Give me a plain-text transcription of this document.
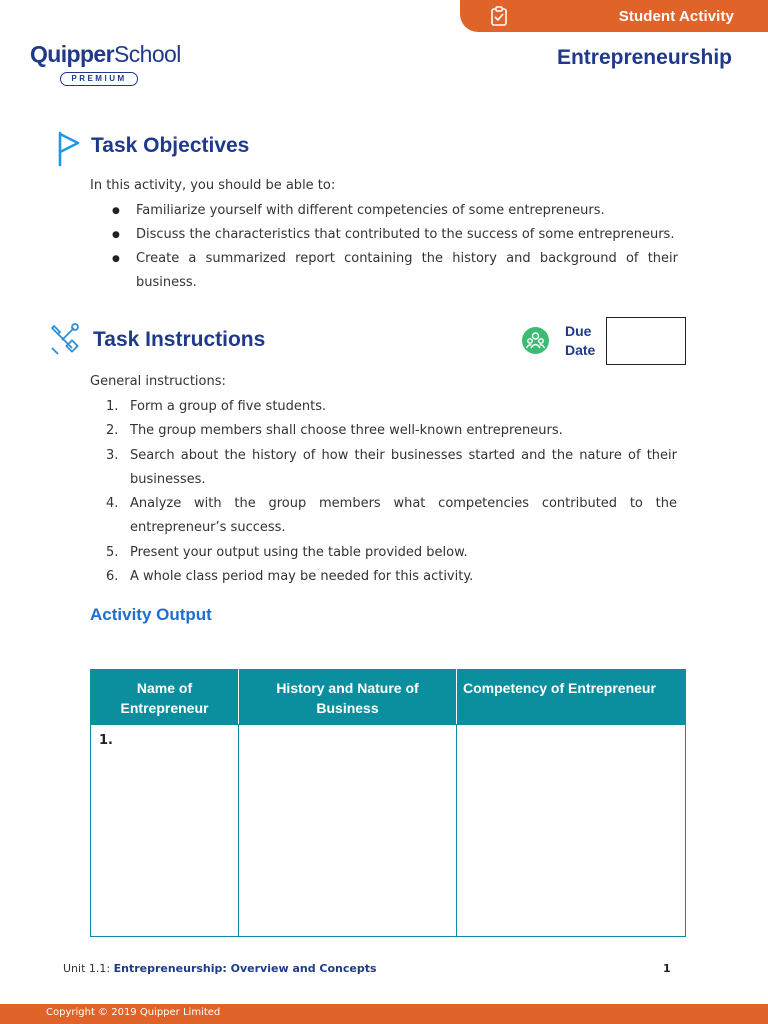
Student Activity
QuipperSchool
PREMIUM
Entrepreneurship
Task Objectives
In this activity, you should be able to:
● Familiarize yourself with different competencies of some entrepreneurs.
● Discuss the characteristics that contributed to the success of some entrepreneurs.
● Create a summarized report containing the history and background of their business.
Task Instructions	Due
Date
General instructions:
1. Form a group of five students.
2. The group members shall choose three well-known entrepreneurs.
3. Search about the history of how their businesses started and the nature of their businesses.
4. Analyze with the group members what competencies contributed to the entrepreneur’s success.
5. Present your output using the table provided below.
6. A whole class period may be needed for this activity.
Activity Output
Name of Entrepreneur	History and Nature of Business	Competency of Entrepreneur
1.		
Unit 1.1: Entrepreneurship: Overview and Concepts	1
Copyright © 2019 Quipper Limited
